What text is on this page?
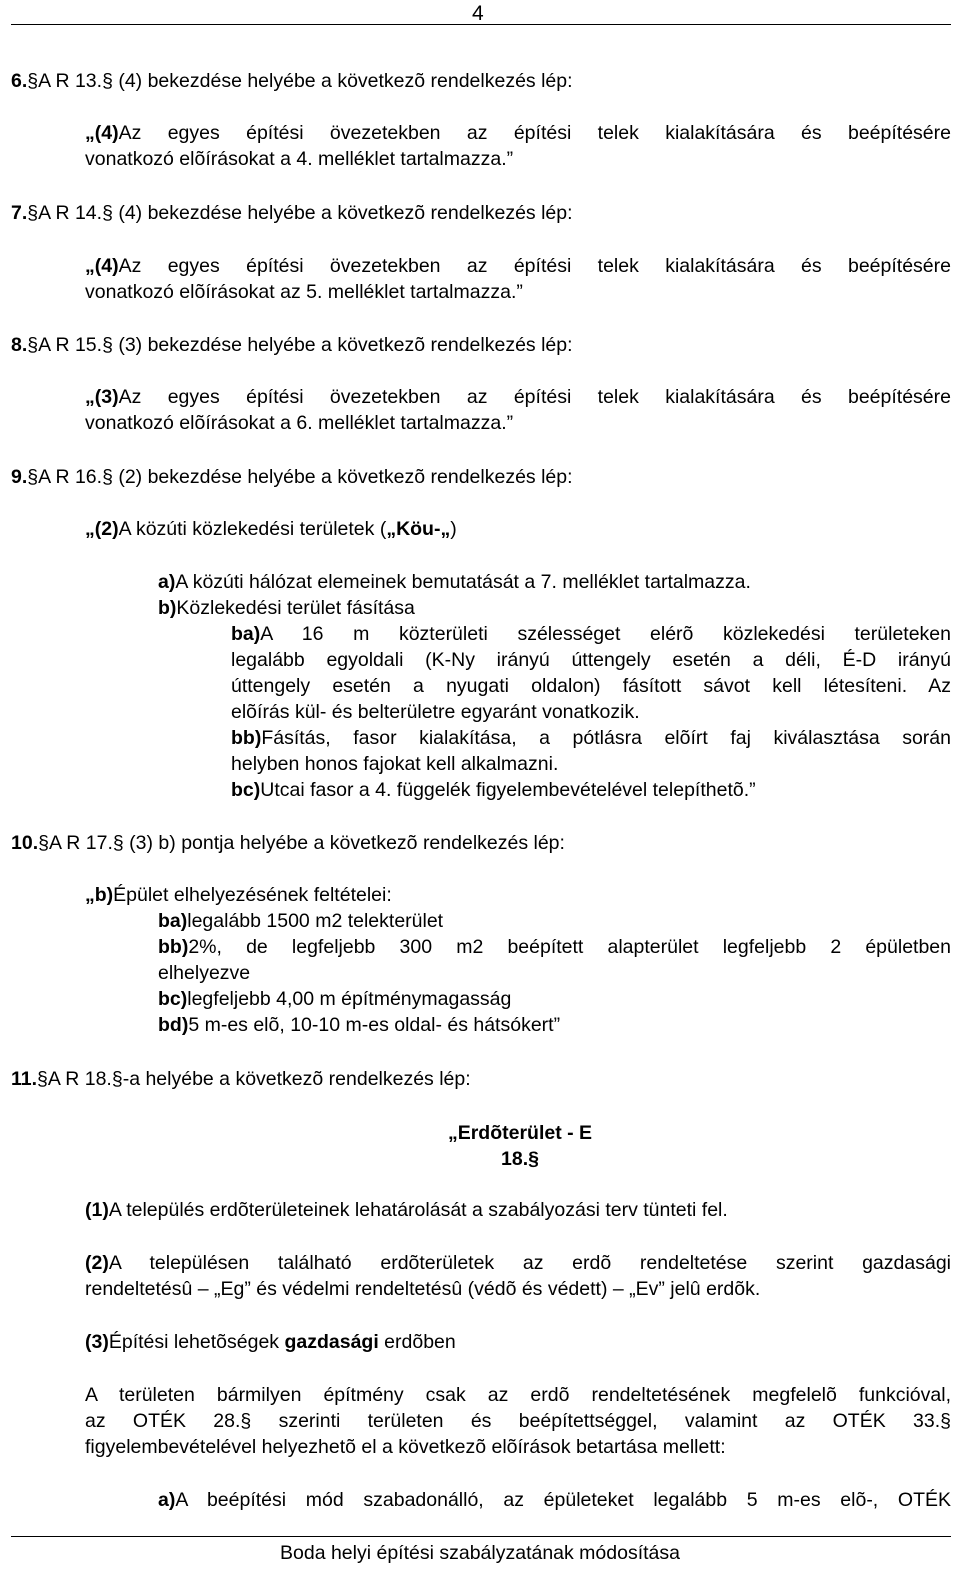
4
6.§A R 13.§ (4) bekezdése helyébe a következõ rendelkezés lép:
„(4)Az egyes építési övezetekben az építési telek kialakítására és beépítésére
vonatkozó elõírásokat a 4. melléklet tartalmazza.”
7.§A R 14.§ (4) bekezdése helyébe a következõ rendelkezés lép:
„(4)Az egyes építési övezetekben az építési telek kialakítására és beépítésére
vonatkozó elõírásokat az 5. melléklet tartalmazza.”
8.§A R 15.§ (3) bekezdése helyébe a következõ rendelkezés lép:
„(3)Az egyes építési övezetekben az építési telek kialakítására és beépítésére
vonatkozó elõírásokat a 6. melléklet tartalmazza.”
9.§A R 16.§ (2) bekezdése helyébe a következõ rendelkezés lép:
„(2)A közúti közlekedési területek („Köu-„)
a)A közúti hálózat elemeinek bemutatását a 7. melléklet tartalmazza.
b)Közlekedési terület fásítása
ba)A 16 m közterületi szélességet elérõ közlekedési területeken
legalább egyoldali (K-Ny irányú úttengely esetén a déli, É-D irányú
úttengely esetén a nyugati oldalon) fásított sávot kell létesíteni. Az
elõírás kül- és belterületre egyaránt vonatkozik.
bb)Fásítás, fasor kialakítása, a pótlásra elõírt faj kiválasztása során
helyben honos fajokat kell alkalmazni.
bc)Utcai fasor a 4. függelék figyelembevételével telepíthetõ.”
10.§A R 17.§ (3) b) pontja helyébe a következõ rendelkezés lép:
„b)Épület elhelyezésének feltételei:
ba)legalább 1500 m2 telekterület
bb)2%, de legfeljebb 300 m2 beépített alapterület legfeljebb 2 épületben
elhelyezve
bc)legfeljebb 4,00 m építménymagasság
bd)5 m-es elõ, 10-10 m-es oldal- és hátsókert”
11.§A R 18.§-a helyébe a következõ rendelkezés lép:
„Erdõterület - E
18.§
(1)A település erdõterületeinek lehatárolását a szabályozási terv tünteti fel.
(2)A településen található erdõterületek az erdõ rendeltetése szerint gazdasági
rendeltetésû – „Eg” és védelmi rendeltetésû (védõ és védett) – „Ev” jelû erdõk.
(3)Építési lehetõségek gazdasági erdõben
A területen bármilyen építmény csak az erdõ rendeltetésének megfelelõ funkcióval,
az OTÉK 28.§ szerinti területen és beépítettséggel, valamint az OTÉK 33.§
figyelembevételével helyezhetõ el a következõ elõírások betartása mellett:
a)A beépítési mód szabadonálló, az épületeket legalább 5 m-es elõ-, OTÉK
Boda helyi építési szabályzatának módosítása
